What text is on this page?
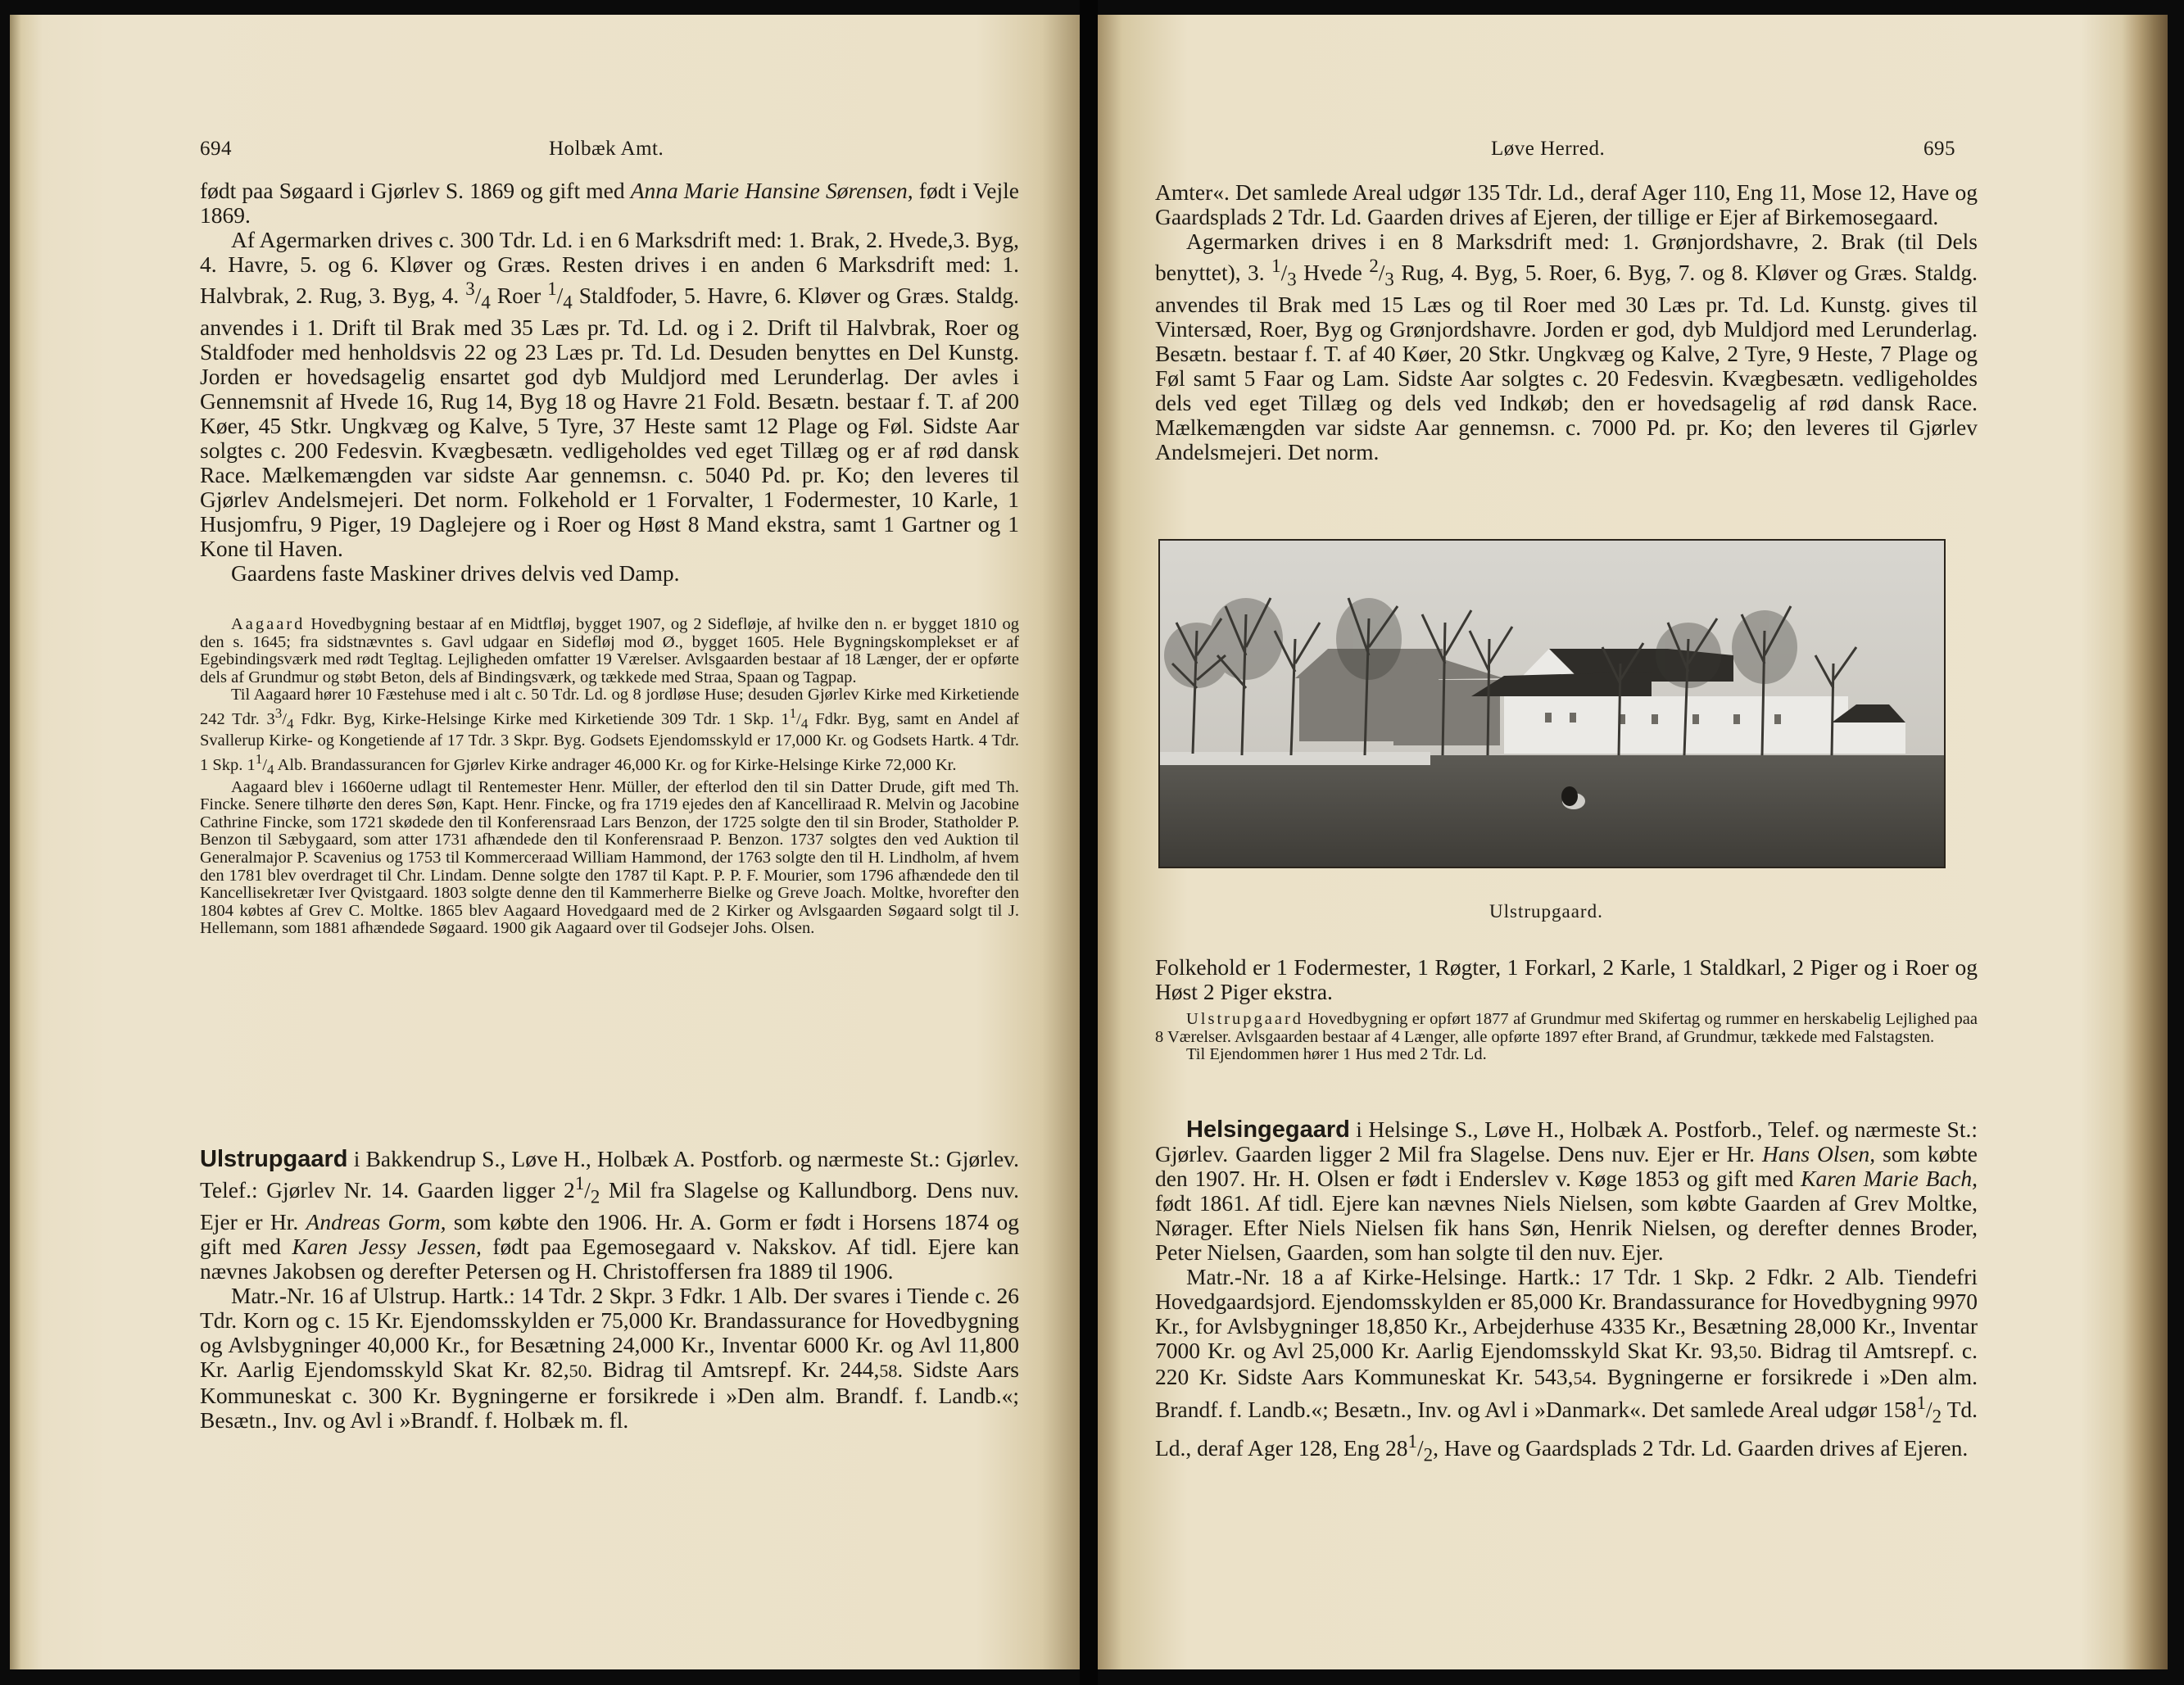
694	Holbæk Amt.

født paa Søgaard i Gjørlev S. 1869 og gift med Anna Marie Hansine Sørensen, født i Vejle 1869.

Af Agermarken drives c. 300 Tdr. Ld. i en 6 Marksdrift med: 1. Brak, 2. Hvede,3. Byg, 4. Havre, 5. og 6. Kløver og Græs. Resten drives i en anden 6 Marksdrift med: 1. Halvbrak, 2. Rug, 3. Byg, 4. $^3/_4$ Roer $^1/_4$ Staldfoder, 5. Havre, 6. Kløver og Græs. Staldg. anvendes i 1. Drift til Brak med 35 Læs pr. Td. Ld. og i 2. Drift til Halvbrak, Roer og Staldfoder med henholdsvis 22 og 23 Læs pr. Td. Ld. Desuden benyttes en Del Kunstg. Jorden er hovedsagelig ensartet god dyb Muldjord med Lerunderlag. Der avles i Gennemsnit af Hvede 16, Rug 14, Byg 18 og Havre 21 Fold. Besætn. bestaar f. T. af 200 Køer, 45 Stkr. Ungkvæg og Kalve, 5 Tyre, 37 Heste samt 12 Plage og Føl. Sidste Aar solgtes c. 200 Fedesvin. Kvægbesætn. vedligeholdes ved eget Tillæg og er af rød dansk Race. Mælkemængden var sidste Aar gennemsn. c. 5040 Pd. pr. Ko; den leveres til Gjørlev Andelsmejeri. Det norm. Folkehold er 1 Forvalter, 1 Fodermester, 10 Karle, 1 Husjomfru, 9 Piger, 19 Daglejere og i Roer og Høst 8 Mand ekstra, samt 1 Gartner og 1 Kone til Haven.

Gaardens faste Maskiner drives delvis ved Damp.

Aagaard Hovedbygning bestaar af en Midtfløj, bygget 1907, og 2 Sidefløje, af hvilke den n. er bygget 1810 og den s. 1645; fra sidstnævntes s. Gavl udgaar en Sidefløj mod Ø., bygget 1605. Hele Bygningskomplekset er af Egebindingsværk med rødt Tegltag. Lejligheden omfatter 19 Værelser. Avlsgaarden bestaar af 18 Længer, der er opførte dels af Grundmur og støbt Beton, dels af Bindingsværk, og tækkede med Straa, Spaan og Tagpap.

Til Aagaard hører 10 Fæstehuse med i alt c. 50 Tdr. Ld. og 8 jordløse Huse; desuden Gjørlev Kirke med Kirketiende 242 Tdr. $3^3/_4$ Fdkr. Byg, Kirke-Helsinge Kirke med Kirketiende 309 Tdr. 1 Skp. $1^1/_4$ Fdkr. Byg, samt en Andel af Svallerup Kirke- og Kongetiende af 17 Tdr. 3 Skpr. Byg. Godsets Ejendomsskyld er 17,000 Kr. og Godsets Hartk. 4 Tdr. 1 Skp. $1^1/_4$ Alb. Brandassurancen for Gjørlev Kirke andrager 46,000 Kr. og for Kirke-Helsinge Kirke 72,000 Kr.

Aagaard blev i 1660erne udlagt til Rentemester Henr. Müller, der efterlod den til sin Datter Drude, gift med Th. Fincke. Senere tilhørte den deres Søn, Kapt. Henr. Fincke, og fra 1719 ejedes den af Kancelliraad R. Melvin og Jacobine Cathrine Fincke, som 1721 skødede den til Konferensraad Lars Benzon, der 1725 solgte den til sin Broder, Statholder P. Benzon til Sæbygaard, som atter 1731 afhændede den til Konferensraad P. Benzon. 1737 solgtes den ved Auktion til Generalmajor P. Scavenius og 1753 til Kommerceraad William Hammond, der 1763 solgte den til H. Lindholm, af hvem den 1781 blev overdraget til Chr. Lindam. Denne solgte den 1787 til Kapt. P. P. F. Mourier, som 1796 afhændede den til Kancellisekretær Iver Qvistgaard. 1803 solgte denne den til Kammerherre Bielke og Greve Joach. Moltke, hvorefter den 1804 købtes af Grev C. Moltke. 1865 blev Aagaard Hovedgaard med de 2 Kirker og Avlsgaarden Søgaard solgt til J. Hellemann, som 1881 afhændede Søgaard. 1900 gik Aagaard over til Godsejer Johs. Olsen.

Ulstrupgaard i Bakkendrup S., Løve H., Holbæk A. Postforb. og nærmeste St.: Gjørlev. Telef.: Gjørlev Nr. 14. Gaarden ligger $2^1/_2$ Mil fra Slagelse og Kallundborg. Dens nuv. Ejer er Hr. Andreas Gorm, som købte den 1906. Hr. A. Gorm er født i Horsens 1874 og gift med Karen Jessy Jessen, født paa Egemosegaard v. Nakskov. Af tidl. Ejere kan nævnes Jakobsen og derefter Petersen og H. Christoffersen fra 1889 til 1906.

Matr.-Nr. 16 af Ulstrup. Hartk.: 14 Tdr. 2 Skpr. 3 Fdkr. 1 Alb. Der svares i Tiende c. 26 Tdr. Korn og c. 15 Kr. Ejendomsskylden er 75,000 Kr. Brandassurance for Hovedbygning og Avlsbygninger 40,000 Kr., for Besætning 24,000 Kr., Inventar 6000 Kr. og Avl 11,800 Kr. Aarlig Ejendomsskyld Skat Kr. 82,50. Bidrag til Amtsrepf. Kr. 244,58. Sidste Aars Kommuneskat c. 300 Kr. Bygningerne er forsikrede i »Den alm. Brandf. f. Landb.«; Besætn., Inv. og Avl i »Brandf. f. Holbæk m. fl.

Løve Herred.	695

Amter«. Det samlede Areal udgør 135 Tdr. Ld., deraf Ager 110, Eng 11, Mose 12, Have og Gaardsplads 2 Tdr. Ld. Gaarden drives af Ejeren, der tillige er Ejer af Birkemosegaard.

Agermarken drives i en 8 Marksdrift med: 1. Grønjordshavre, 2. Brak (til Dels benyttet), 3. $^1/_3$ Hvede $^2/_3$ Rug, 4. Byg, 5. Roer, 6. Byg, 7. og 8. Kløver og Græs. Staldg. anvendes til Brak med 15 Læs og til Roer med 30 Læs pr. Td. Ld. Kunstg. gives til Vintersæd, Roer, Byg og Grønjordshavre. Jorden er god, dyb Muldjord med Lerunderlag. Besætn. bestaar f. T. af 40 Køer, 20 Stkr. Ungkvæg og Kalve, 2 Tyre, 9 Heste, 7 Plage og Føl samt 5 Faar og Lam. Sidste Aar solgtes c. 20 Fedesvin. Kvægbesætn. vedligeholdes dels ved eget Tillæg og dels ved Indkøb; den er hovedsagelig af rød dansk Race. Mælkemængden var sidste Aar gennemsn. c. 7000 Pd. pr. Ko; den leveres til Gjørlev Andelsmejeri. Det norm.

Ulstrupgaard.

Folkehold er 1 Fodermester, 1 Røgter, 1 Forkarl, 2 Karle, 1 Staldkarl, 2 Piger og i Roer og Høst 2 Piger ekstra.

Ulstrupgaard Hovedbygning er opført 1877 af Grundmur med Skifertag og rummer en herskabelig Lejlighed paa 8 Værelser. Avlsgaarden bestaar af 4 Længer, alle opførte 1897 efter Brand, af Grundmur, tækkede med Falstagsten.

Til Ejendommen hører 1 Hus med 2 Tdr. Ld.

Helsingegaard i Helsinge S., Løve H., Holbæk A. Postforb., Telef. og nærmeste St.: Gjørlev. Gaarden ligger 2 Mil fra Slagelse. Dens nuv. Ejer er Hr. Hans Olsen, som købte den 1907. Hr. H. Olsen er født i Enderslev v. Køge 1853 og gift med Karen Marie Bach, født 1861. Af tidl. Ejere kan nævnes Niels Nielsen, som købte Gaarden af Grev Moltke, Nørager. Efter Niels Nielsen fik hans Søn, Henrik Nielsen, og derefter dennes Broder, Peter Nielsen, Gaarden, som han solgte til den nuv. Ejer.

Matr.-Nr. 18 a af Kirke-Helsinge. Hartk.: 17 Tdr. 1 Skp. 2 Fdkr. 2 Alb. Tiendefri Hovedgaardsjord. Ejendomsskylden er 85,000 Kr. Brandassurance for Hovedbygning 9970 Kr., for Avlsbygninger 18,850 Kr., Arbejderhuse 4335 Kr., Besætning 28,000 Kr., Inventar 7000 Kr. og Avl 25,000 Kr. Aarlig Ejendomsskyld Skat Kr. 93,50. Bidrag til Amtsrepf. c. 220 Kr. Sidste Aars Kommuneskat Kr. 543,54. Bygningerne er forsikrede i »Den alm. Brandf. f. Landb.«; Besætn., Inv. og Avl i »Danmark«. Det samlede Areal udgør $158^1/_2$ Td. Ld., deraf Ager 128, Eng $28^1/_2$, Have og Gaardsplads 2 Tdr. Ld. Gaarden drives af Ejeren.
